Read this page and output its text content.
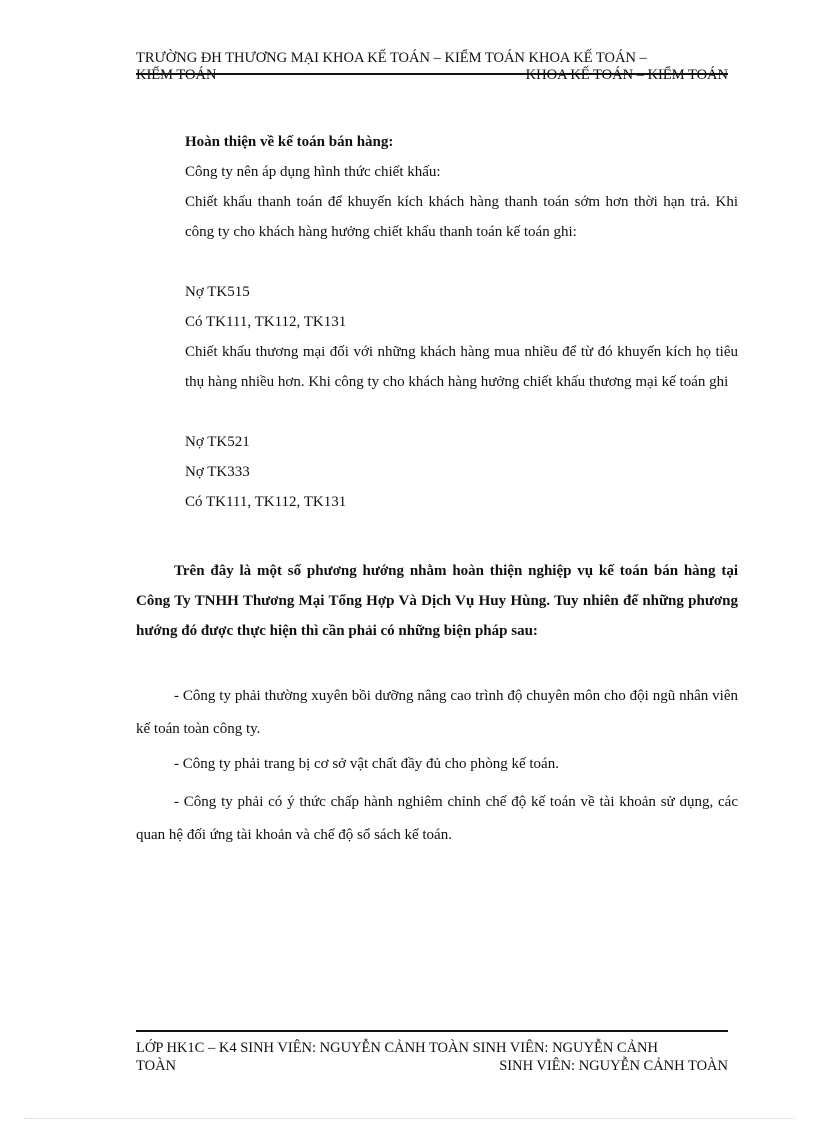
TRƯỜNG ĐH THƯƠNG MẠI KHOA KẾ TOÁN – KIỂM TOÁN KHOA KẾ TOÁN –
KIỂM TOÁN	KHOA KẾ TOÁN – KIỂM TOÁN
Hoàn thiện về kế toán bán hàng:
Công ty nên áp dụng hình thức chiết khấu:
Chiết khấu thanh toán để khuyến kích khách hàng thanh toán sớm hơn thời hạn trả. Khi công ty cho khách hàng hưởng chiết khấu thanh toán kế toán ghi:
Nợ TK515
Có TK111, TK112, TK131
Chiết khấu thương mại đối với những khách hàng mua nhiều để từ đó khuyến kích họ tiêu thụ hàng nhiều hơn. Khi công ty cho khách hàng hưởng chiết khấu thương mại kế toán ghi
Nợ TK521
Nợ TK333
Có TK111, TK112, TK131
Trên đây là một số phương hướng nhằm hoàn thiện nghiệp vụ kế toán bán hàng tại Công Ty TNHH Thương Mại Tổng Hợp Và Dịch Vụ Huy Hùng. Tuy nhiên để những phương hướng đó được thực hiện thì cần phải có những biện pháp sau:
- Công ty phải thường xuyên bồi dưỡng nâng cao trình độ chuyên môn cho đội ngũ nhân viên kế toán toàn công ty.
- Công ty phải trang bị cơ sở vật chất đầy đủ cho phòng kế toán.
- Công ty phải có ý thức chấp hành nghiêm chỉnh chế độ kế toán về tài khoản sử dụng, các quan hệ đối ứng tài khoản và chế độ sổ sách kế toán.
LỚP HK1C – K4 SINH VIÊN: NGUYỄN CẢNH TOÀN SINH VIÊN: NGUYỄN CẢNH
TOÀN	SINH VIÊN: NGUYỄN CẢNH TOÀN
